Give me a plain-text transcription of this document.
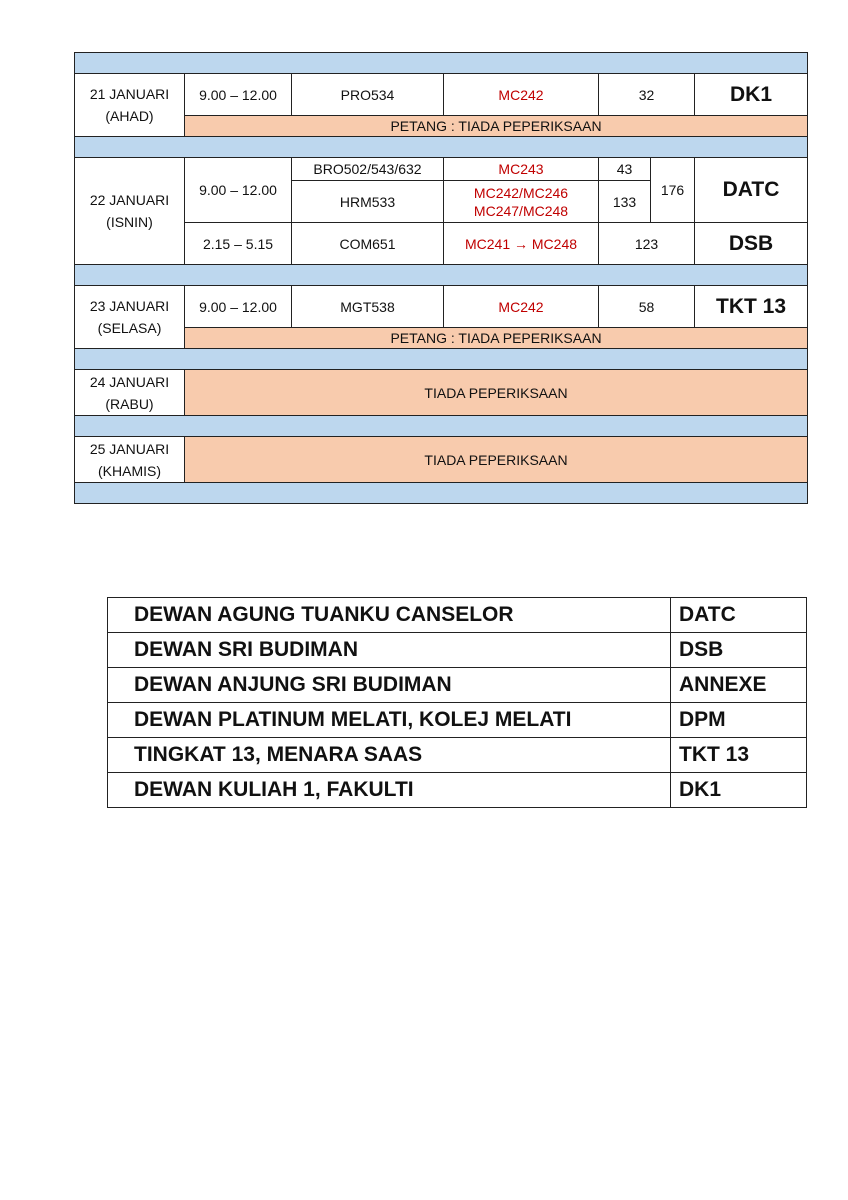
21 JANUARI
(AHAD)	9.00 – 12.00	PRO534	MC242	32		DK1
	PETANG : TIADA PEPERIKSAAN					

22 JANUARI
(ISNIN)	9.00 – 12.00	BRO502/543/632	MC243	43	176	DATC
		HRM533	MC242/MC246
MC247/MC248	133		
	2.15 – 5.15	COM651	MC241 → MC248	123		DSB

23 JANUARI
(SELASA)	9.00 – 12.00	MGT538	MC242	58		TKT 13
	PETANG : TIADA PEPERIKSAAN					

24 JANUARI
(RABU)	TIADA PEPERIKSAAN					

25 JANUARI
(KHAMIS)	TIADA PEPERIKSAAN					

DEWAN AGUNG TUANKU CANSELOR	DATC
DEWAN SRI BUDIMAN	DSB
DEWAN ANJUNG SRI BUDIMAN	ANNEXE
DEWAN PLATINUM MELATI, KOLEJ MELATI	DPM
TINGKAT 13, MENARA SAAS	TKT 13
DEWAN KULIAH 1, FAKULTI	DK1
